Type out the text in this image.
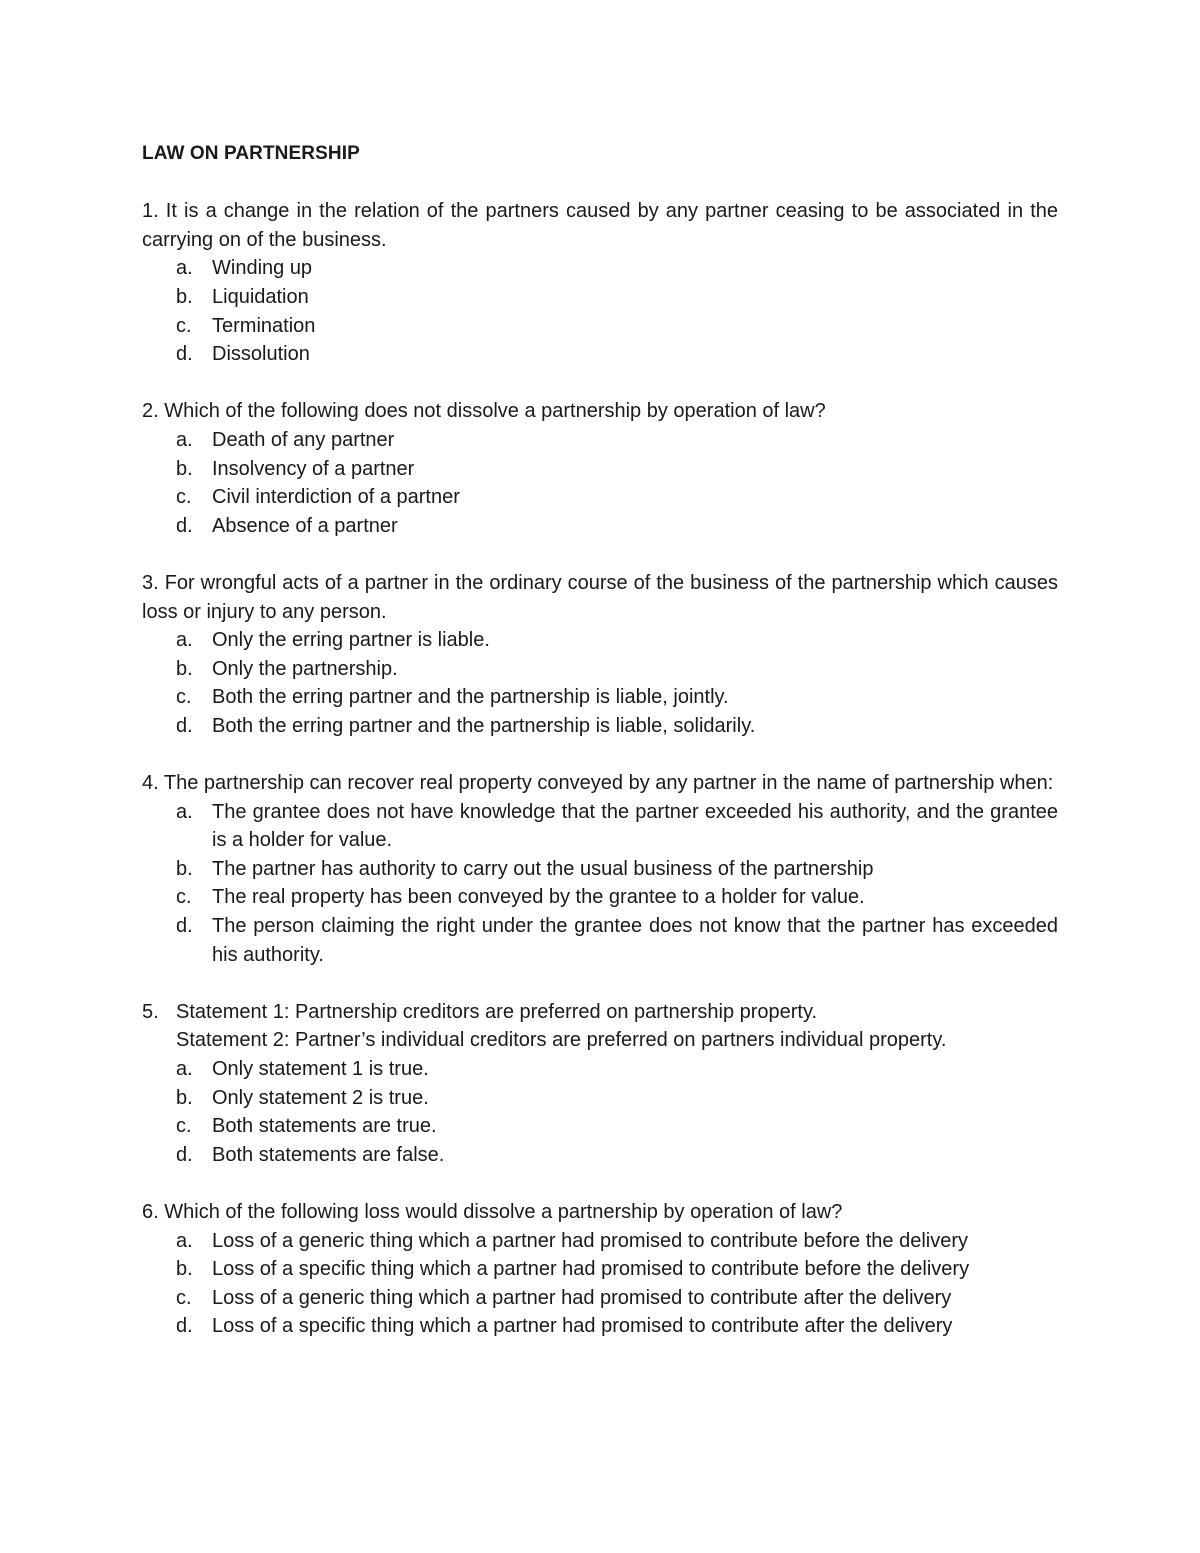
LAW ON PARTNERSHIP

1. It is a change in the relation of the partners caused by any partner ceasing to be associated in the carrying on of the business.

a. Winding up
b. Liquidation
c.	Termination
d. Dissolution

2. Which of the following does not dissolve a partnership by operation of law?

a. Death of any partner
b. Insolvency of a partner
c.	Civil interdiction of a partner
d. Absence of a partner

3. For wrongful acts of a partner in the ordinary course of the business of the partnership which causes loss or injury to any person.

a. Only the erring partner is liable.
b. Only the partnership.
c.	Both the erring partner and the partnership is liable, jointly.
d. Both the erring partner and the partnership is liable, solidarily.

4. The partnership can recover real property conveyed by any partner in the name of partnership when:

a. The grantee does not have knowledge that the partner exceeded his authority, and the grantee is a holder for value.
b. The partner has authority to carry out the usual business of the partnership
c.	The real property has been conveyed by the grantee to a holder for value.
d. The person claiming the right under the grantee does not know that the partner has exceeded his authority.
5. Statement 1: Partnership creditors are preferred on partnership property.
Statement 2: Partner’s individual creditors are preferred on partners individual property.
a. Only statement 1 is true.
b. Only statement 2 is true.
c.	Both statements are true.
d. Both statements are false.

6. Which of the following loss would dissolve a partnership by operation of law?

a. Loss of a generic thing which a partner had promised to contribute before the delivery
b. Loss of a specific thing which a partner had promised to contribute before the delivery
c.	Loss of a generic thing which a partner had promised to contribute after the delivery
d. Loss of a specific thing which a partner had promised to contribute after the delivery
